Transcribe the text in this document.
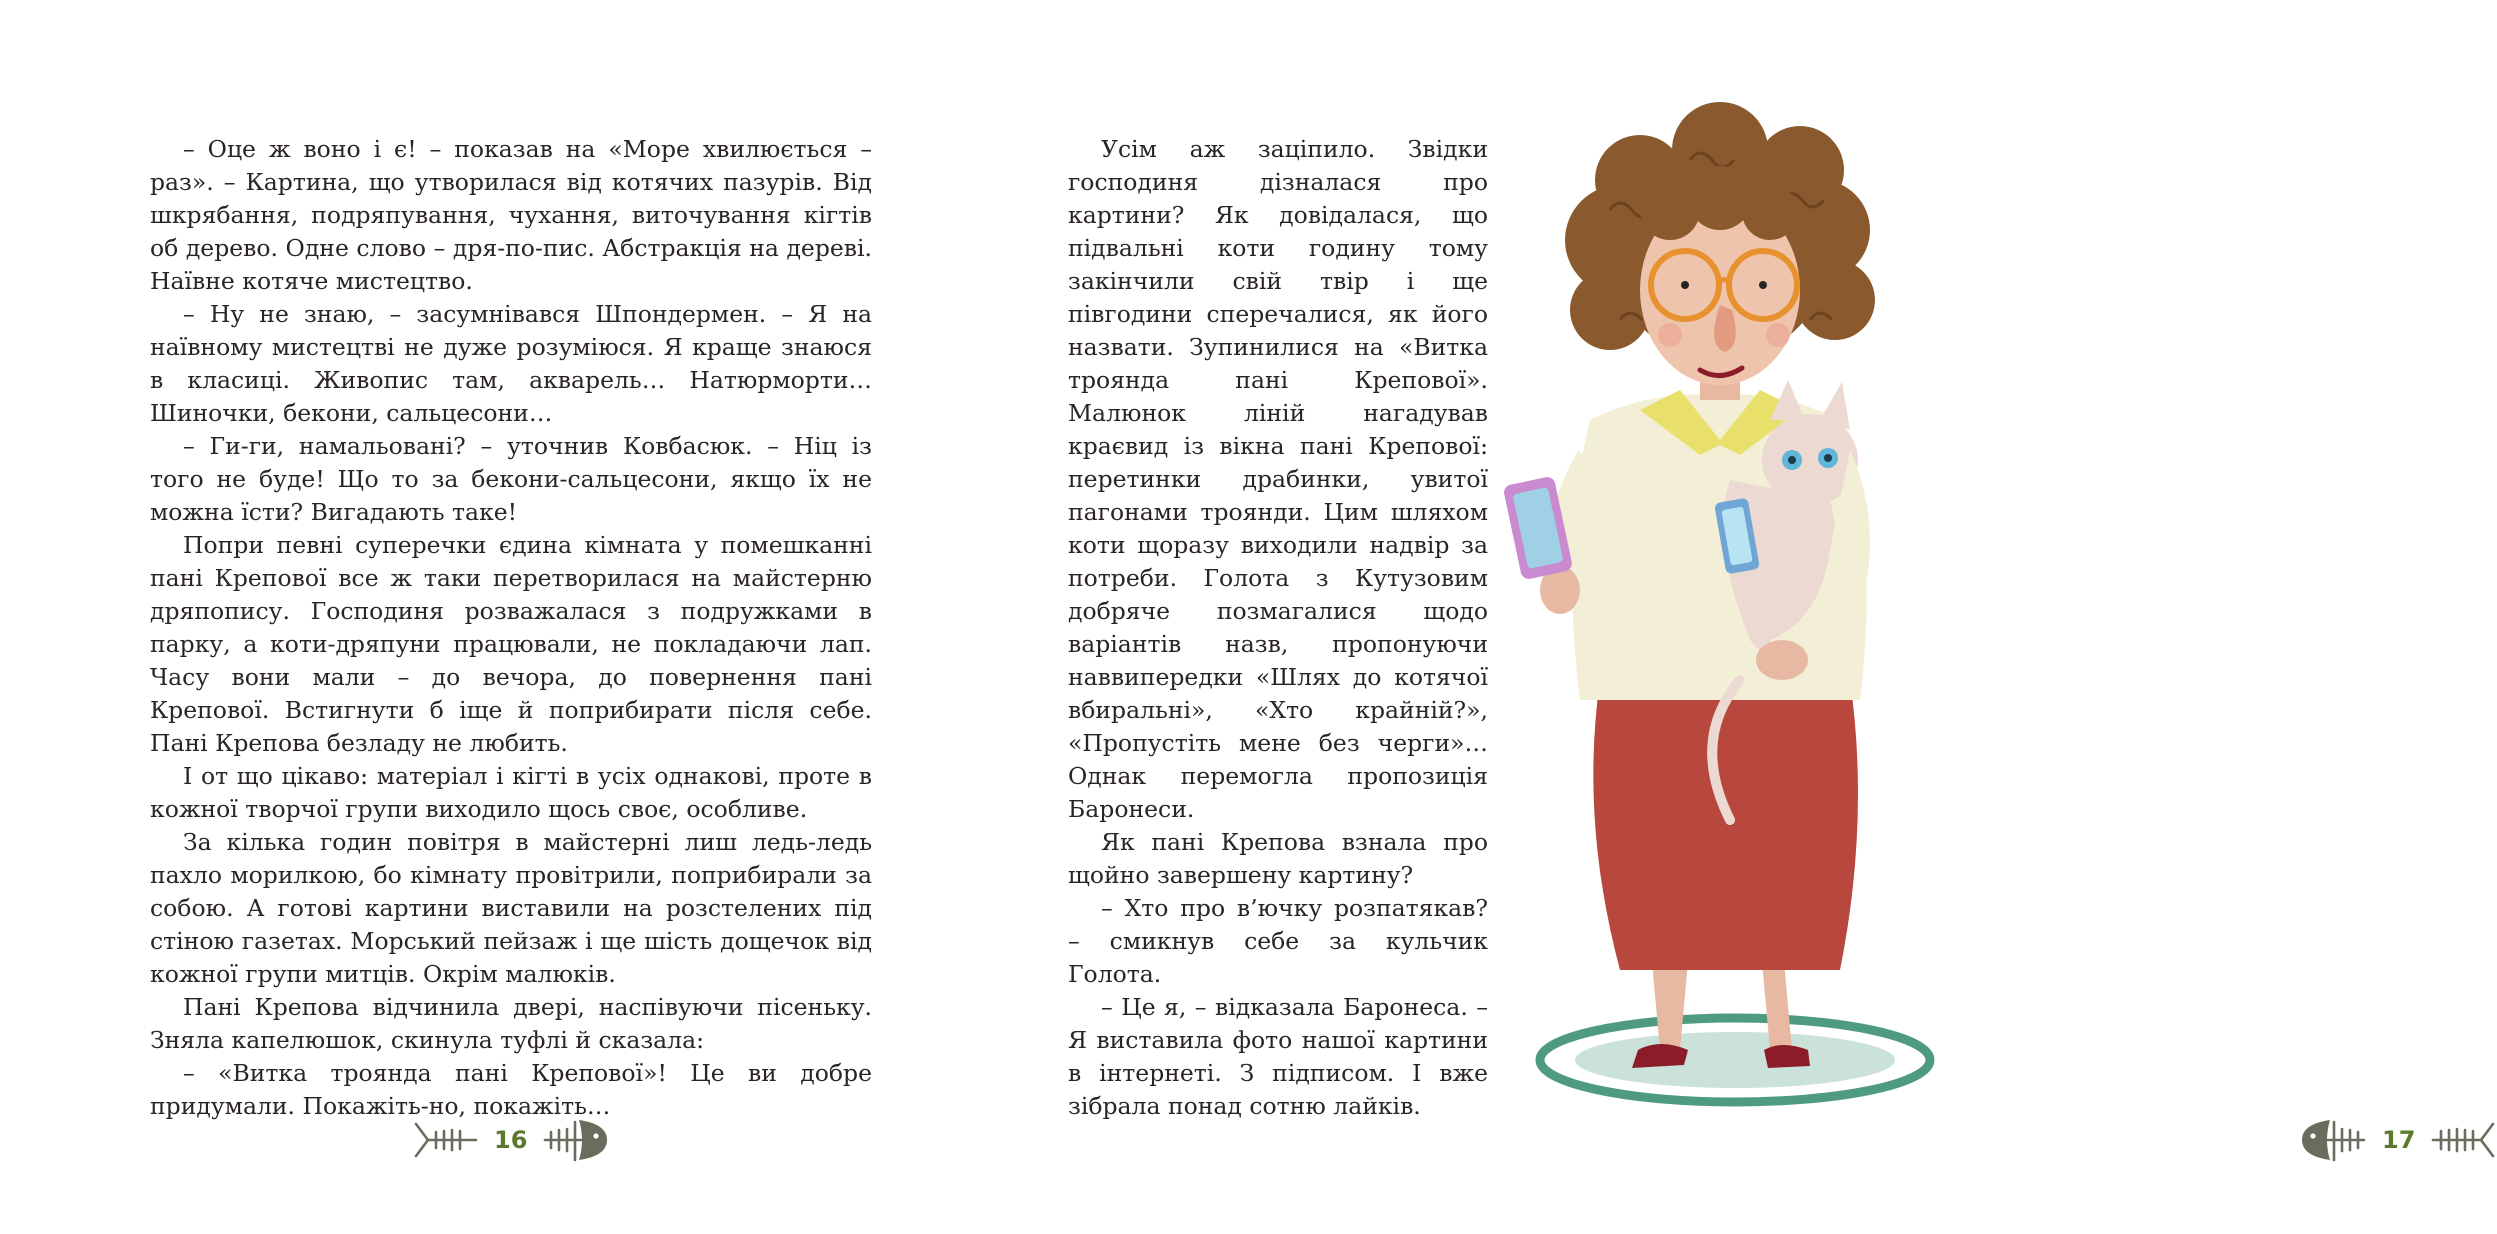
– Оце ж воно і є! – показав на «Море хвилюється – раз». – Картина, що утворилася від котячих пазурів. Від шкрябання, подряпування, чухання, виточування кігтів об дерево. Одне слово – дря-по-пис. Абстракція на дереві. Наївне котяче мистецтво.

– Ну не знаю, – засумнівався Шпондермен. – Я на наївному мистецтві не дуже розуміюся. Я краще знаюся в класиці. Живопис там, акварель… Натюрморти… Шиночки, бекони, сальцесони…

– Ги-ги, намальовані? – уточнив Ковбасюк. – Ніц із того не буде! Що то за бекони-сальцесони, якщо їх не можна їсти? Вигадають таке!

Попри певні суперечки єдина кімната у помешканні пані Крепової все ж таки перетворилася на майстерню дряпопису. Господиня розважалася з подружками в парку, а коти-дряпуни працювали, не покладаючи лап. Часу вони мали – до вечора, до повернення пані Крепової. Встигнути б іще й поприбирати після себе. Пані Крепова безладу не любить.

І от що цікаво: матеріал і кігті в усіх однакові, проте в кожної творчої групи виходило щось своє, особливе.

За кілька годин повітря в майстерні лиш ледь-ледь пахло морилкою, бо кімнату провітрили, поприбирали за собою. А готові картини виставили на розстелених під стіною газетах. Морський пейзаж і ще шість дощечок від кожної групи митців. Окрім малюків.

Пані Крепова відчинила двері, наспівуючи пісеньку. Зняла капелюшок, скинула туфлі й сказала:

– «Витка троянда пані Крепової»! Це ви добре придумали. Покажіть-но, покажіть…

16

Усім аж заціпило. Звідки господиня дізналася про картини? Як довідалася, що підвальні коти годину тому закінчили свій твір і ще півгодини сперечалися, як його назвати. Зупинилися на «Витка троянда пані Крепової». Малюнок ліній нагадував краєвид із вікна пані Крепової: перетинки драбинки, увитої пагонами троянди. Цим шляхом коти щоразу виходили надвір за потреби. Голота з Кутузовим добряче позмагалися щодо варіантів назв, пропонуючи наввипередки «Шлях до котячої вбиральні», «Хто крайній?», «Пропустіть мене без черги»… Однак перемогла пропозиція Баронеси.

Як пані Крепова взнала про щойно завершену картину?

– Хто про в’ючку розпатякав? – смикнув себе за кульчик Голота.

– Це я, – відказала Баронеса. – Я виставила фото нашої картини в інтернеті. З підписом. І вже зібрала понад сотню лайків.

17
